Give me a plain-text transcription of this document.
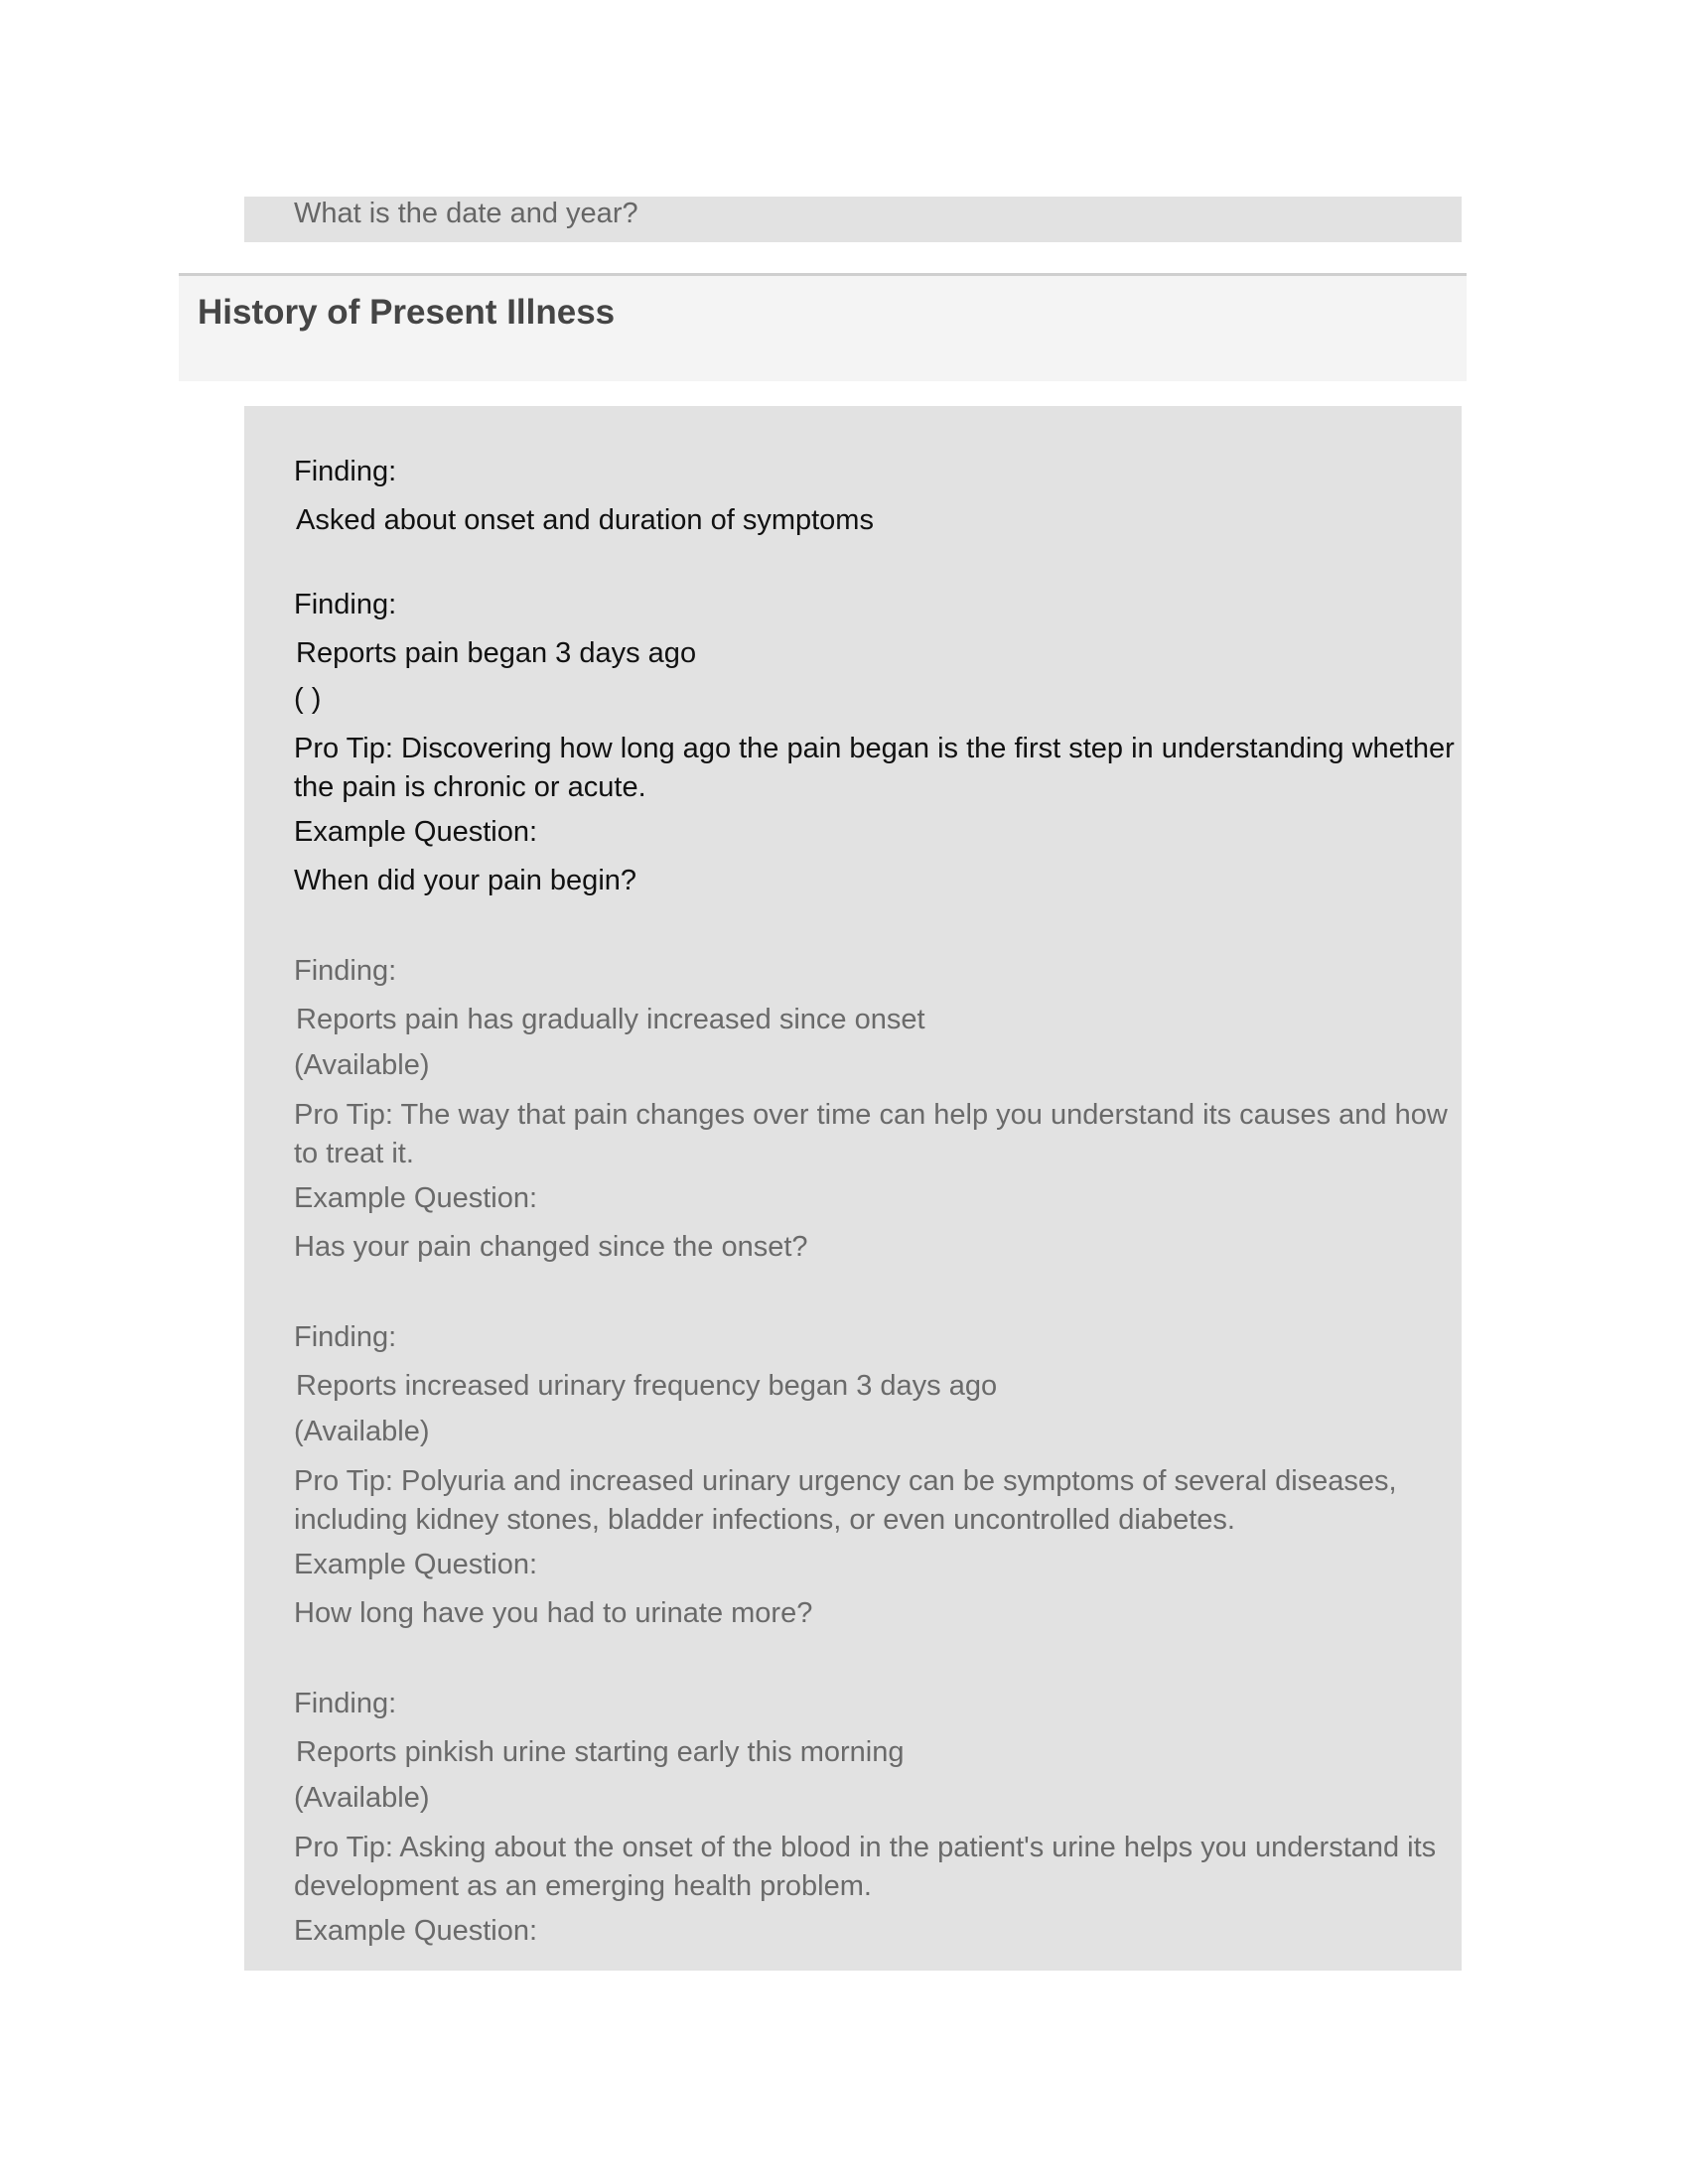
What is the date and year?
History of Present Illness
Finding:
Asked about onset and duration of symptoms
Finding:
Reports pain began 3 days ago
( )
Pro Tip: Discovering how long ago the pain began is the first step in understanding whether the pain is chronic or acute.
Example Question:
When did your pain begin?
Finding:
Reports pain has gradually increased since onset
(Available)
Pro Tip: The way that pain changes over time can help you understand its causes and how to treat it.
Example Question:
Has your pain changed since the onset?
Finding:
Reports increased urinary frequency began 3 days ago
(Available)
Pro Tip: Polyuria and increased urinary urgency can be symptoms of several diseases, including kidney stones, bladder infections, or even uncontrolled diabetes.
Example Question:
How long have you had to urinate more?
Finding:
Reports pinkish urine starting early this morning
(Available)
Pro Tip: Asking about the onset of the blood in the patient's urine helps you understand its development as an emerging health problem.
Example Question:
